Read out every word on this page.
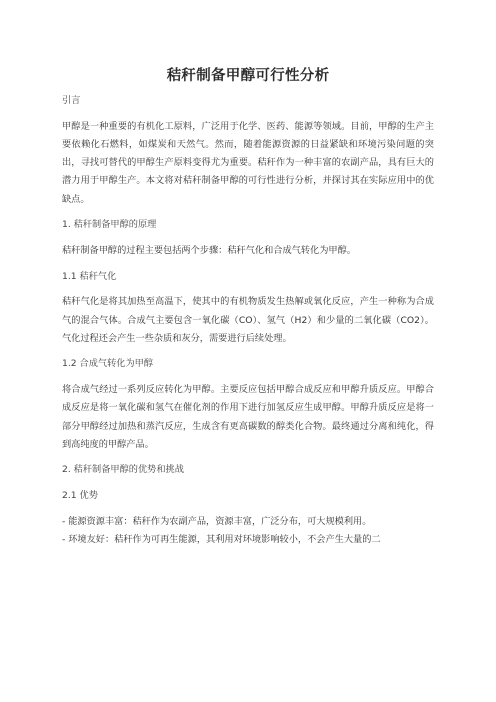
秸秆制备甲醇可行性分析

引言

甲醇是一种重要的有机化工原料，广泛用于化学、医药、能源等领域。目前，甲醇的生产主要依赖化石燃料，如煤炭和天然气。然而，随着能源资源的日益紧缺和环境污染问题的突出，寻找可替代的甲醇生产原料变得尤为重要。秸秆作为一种丰富的农副产品，具有巨大的潜力用于甲醇生产。本文将对秸秆制备甲醇的可行性进行分析，并探讨其在实际应用中的优缺点。

1. 秸秆制备甲醇的原理

秸秆制备甲醇的过程主要包括两个步骤：秸秆气化和合成气转化为甲醇。

1.1 秸秆气化

秸秆气化是将其加热至高温下，使其中的有机物质发生热解或氧化反应，产生一种称为合成气的混合气体。合成气主要包含一氧化碳（CO）、氢气（H2）和少量的二氧化碳（CO2）。气化过程还会产生一些杂质和灰分，需要进行后续处理。

1.2 合成气转化为甲醇

将合成气经过一系列反应转化为甲醇。主要反应包括甲醇合成反应和甲醇升质反应。甲醇合成反应是将一氧化碳和氢气在催化剂的作用下进行加氢反应生成甲醇。甲醇升质反应是将一部分甲醇经过加热和蒸汽反应，生成含有更高碳数的醇类化合物。最终通过分离和纯化，得到高纯度的甲醇产品。

2. 秸秆制备甲醇的优势和挑战

2.1 优势

- 能源资源丰富：秸秆作为农副产品，资源丰富，广泛分布，可大规模利用。

- 环境友好：秸秆作为可再生能源，其利用对环境影响较小，不会产生大量的二
